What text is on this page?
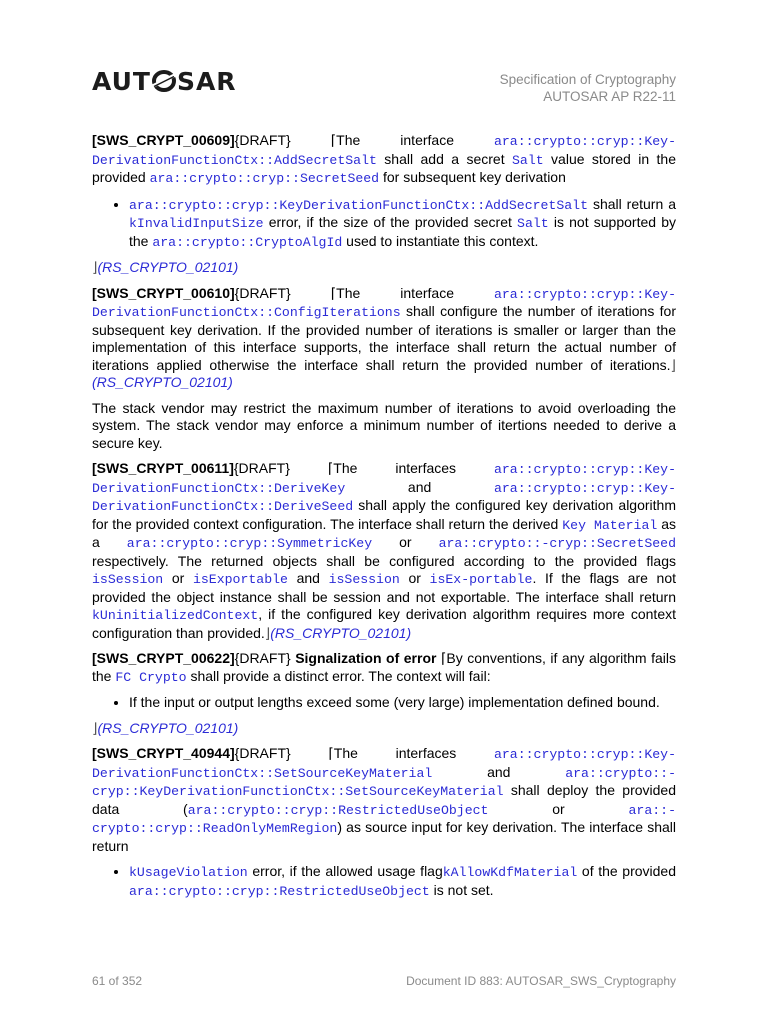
AUT SAR	Specification of Cryptography
AUTOSAR AP R22-11

[SWS_CRYPT_00609]{DRAFT}	⌈The interface ara::crypto::cryp::Key-DerivationFunctionCtx::AddSecretSalt shall add a secret Salt value stored in the provided ara::crypto::cryp::SecretSeed for subsequent key derivation

• ara::crypto::cryp::KeyDerivationFunctionCtx::AddSecretSalt shall return a kInvalidInputSize error, if the size of the provided secret Salt is not supported by the ara::crypto::CryptoAlgId used to instantiate this context.

⌋(RS_CRYPTO_02101)

[SWS_CRYPT_00610]{DRAFT}	⌈The interface ara::crypto::cryp::Key-DerivationFunctionCtx::ConfigIterations shall configure the number of iterations for subsequent key derivation. If the provided number of iterations is smaller or larger than the implementation of this interface supports, the interface shall return the actual number of iterations applied otherwise the interface shall return the provided number of iterations.⌋(RS_CRYPTO_02101)

The stack vendor may restrict the maximum number of iterations to avoid overloading the system. The stack vendor may enforce a minimum number of itertions needed to derive a secure key.

[SWS_CRYPT_00611]{DRAFT}	⌈The interfaces ara::crypto::cryp::Key-DerivationFunctionCtx::DeriveKey and ara::crypto::cryp::Key-DerivationFunctionCtx::DeriveSeed shall apply the configured key derivation algorithm for the provided context configuration. The interface shall return the derived Key Material as a ara::crypto::cryp::SymmetricKey or ara::crypto::-cryp::SecretSeed respectively. The returned objects shall be configured according to the provided flags isSession or isExportable and isSession or isEx-portable. If the flags are not provided the object instance shall be session and not exportable. The interface shall return kUninitializedContext, if the configured key derivation algorithm requires more context configuration than provided.⌋(RS_CRYPTO_02101)

[SWS_CRYPT_00622]{DRAFT} Signalization of error ⌈By conventions, if any algorithm fails the FC Crypto shall provide a distinct error. The context will fail:

• If the input or output lengths exceed some (very large) implementation defined bound.

⌋(RS_CRYPTO_02101)

[SWS_CRYPT_40944]{DRAFT}	⌈The interfaces ara::crypto::cryp::Key-DerivationFunctionCtx::SetSourceKeyMaterial and ara::crypto::-cryp::KeyDerivationFunctionCtx::SetSourceKeyMaterial shall deploy the provided data (ara::crypto::cryp::RestrictedUseObject or ara::-crypto::cryp::ReadOnlyMemRegion) as source input for key derivation. The interface shall return

• kUsageViolation error, if the allowed usage flagkAllowKdfMaterial of the provided ara::crypto::cryp::RestrictedUseObject is not set.
61 of 352	Document ID 883: AUTOSAR_SWS_Cryptography
